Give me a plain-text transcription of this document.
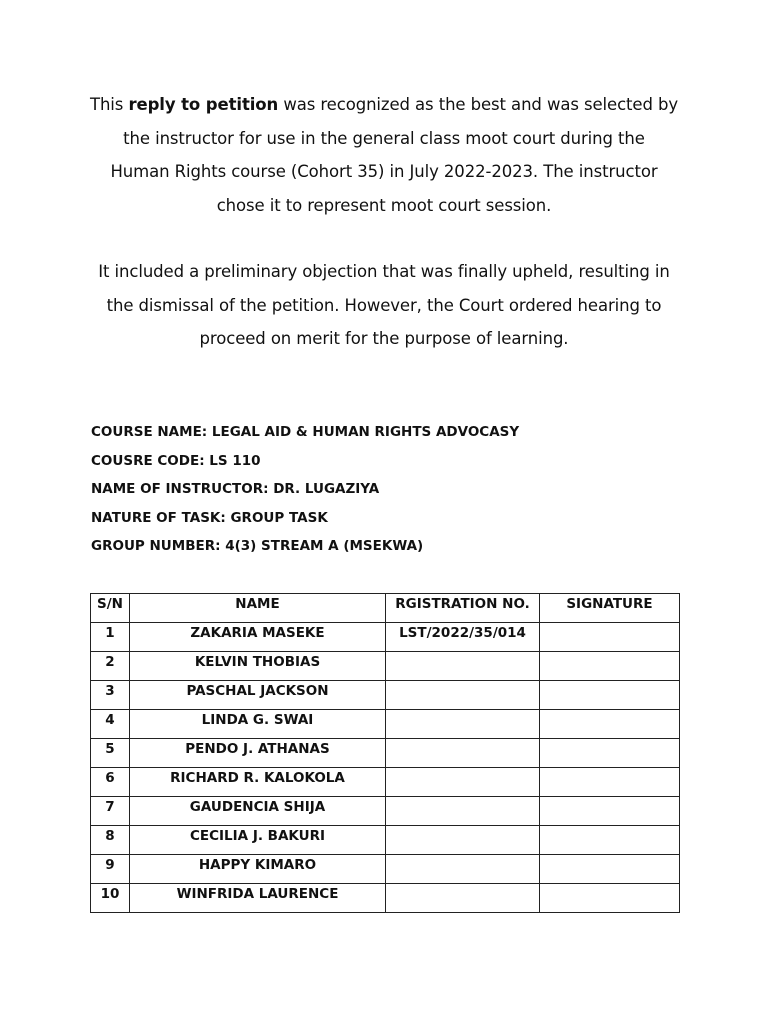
This reply to petition was recognized as the best and was selected by
the instructor for use in the general class moot court during the
Human Rights course (Cohort 35) in July 2022-2023. The instructor
chose it to represent moot court session.
It included a preliminary objection that was finally upheld, resulting in
the dismissal of the petition. However, the Court ordered hearing to
proceed on merit for the purpose of learning.
COURSE NAME: LEGAL AID & HUMAN RIGHTS ADVOCASY
COUSRE CODE: LS 110
NAME OF INSTRUCTOR: DR. LUGAZIYA
NATURE OF TASK: GROUP TASK
GROUP NUMBER: 4(3) STREAM A (MSEKWA)
S/N	NAME	RGISTRATION NO.	SIGNATURE
1	ZAKARIA MASEKE	LST/2022/35/014	
2	KELVIN THOBIAS		
3	PASCHAL JACKSON		
4	LINDA G. SWAI		
5	PENDO J. ATHANAS		
6	RICHARD R. KALOKOLA		
7	GAUDENCIA SHIJA		
8	CECILIA J. BAKURI		
9	HAPPY KIMARO		
10	WINFRIDA LAURENCE		
